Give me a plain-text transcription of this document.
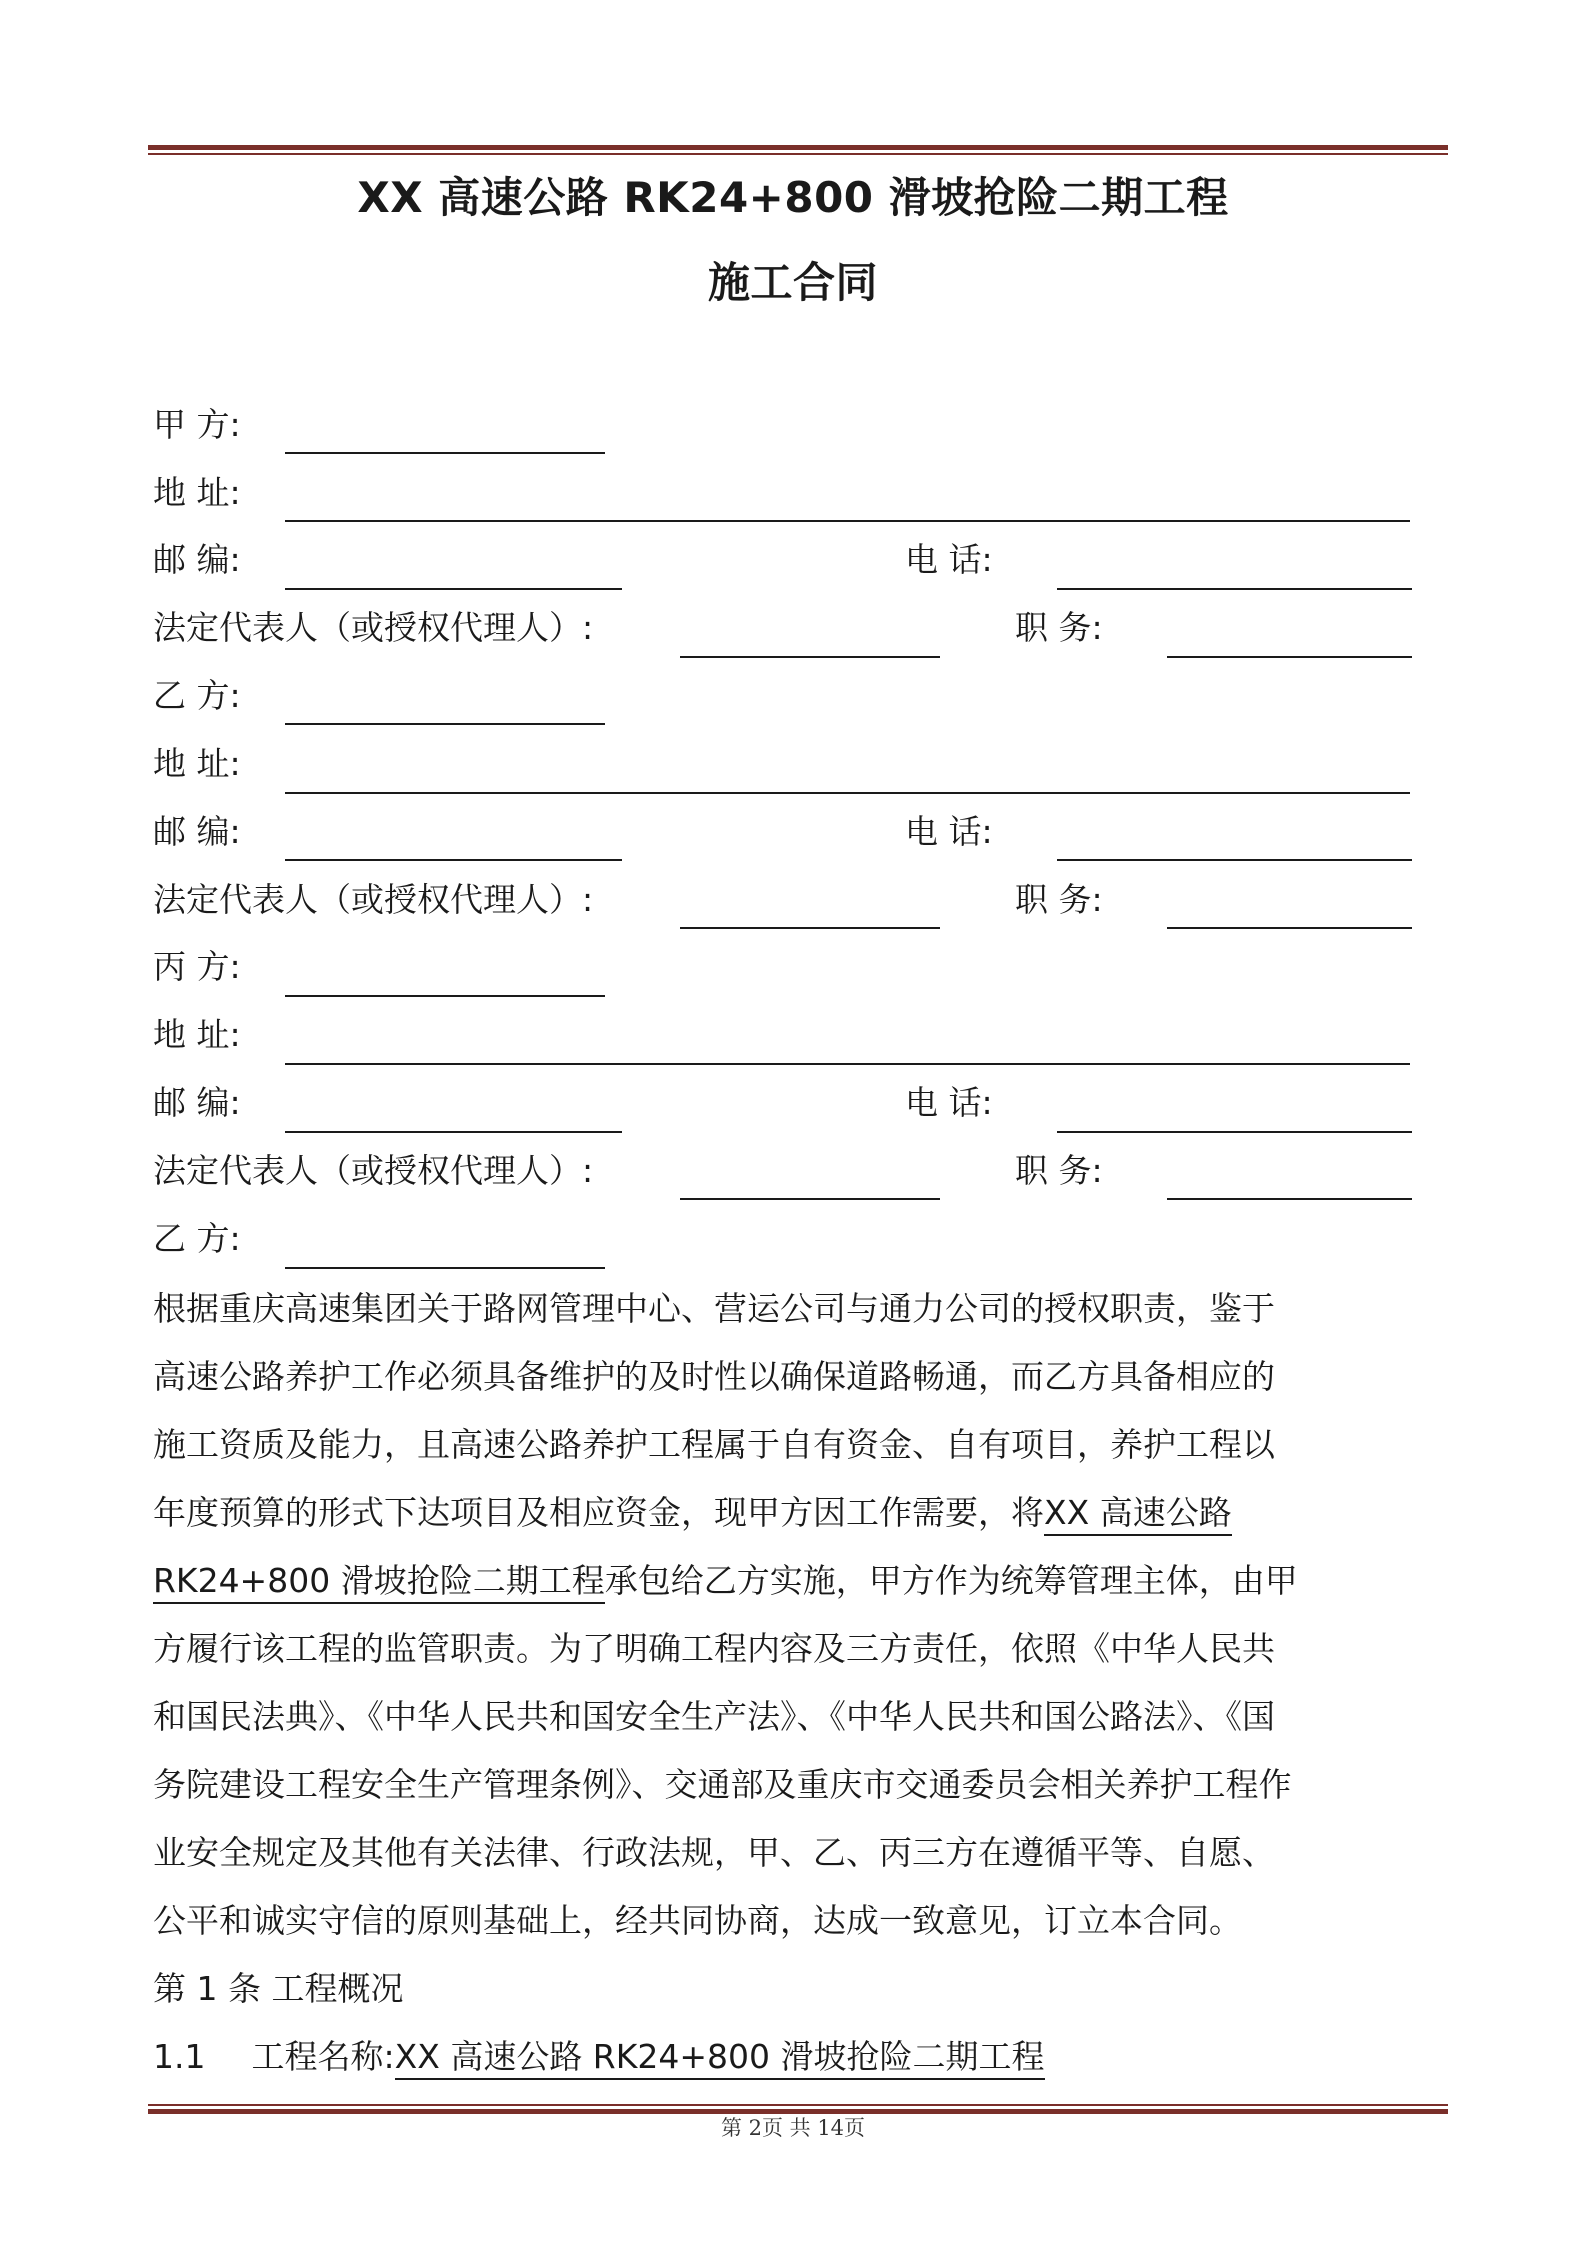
XX 高速公路 RK24+800 滑坡抢险二期工程
施工合同
甲 方:
地 址:
邮 编:	电 话:
法定代表人（或授权代理人）:	职 务:
乙 方:
地 址:
邮 编:	电 话:
法定代表人（或授权代理人）:	职 务:
丙 方:
地 址:
邮 编:	电 话:
法定代表人（或授权代理人）:	职 务:
乙 方:
根据重庆高速集团关于路网管理中心、营运公司与通力公司的授权职责，鉴于
高速公路养护工作必须具备维护的及时性以确保道路畅通，而乙方具备相应的
施工资质及能力，且高速公路养护工程属于自有资金、自有项目，养护工程以
年度预算的形式下达项目及相应资金，现甲方因工作需要，将XX 高速公路
RK24+800 滑坡抢险二期工程承包给乙方实施，甲方作为统筹管理主体，由甲
方履行该工程的监管职责。为了明确工程内容及三方责任，依照《中华人民共
和国民法典》、《中华人民共和国安全生产法》、《中华人民共和国公路法》、《国
务院建设工程安全生产管理条例》、交通部及重庆市交通委员会相关养护工程作
业安全规定及其他有关法律、行政法规，甲、乙、丙三方在遵循平等、自愿、
公平和诚实守信的原则基础上，经共同协商，达成一致意见，订立本合同。
第 1 条 工程概况
1.1 工程名称:XX 高速公路 RK24+800 滑坡抢险二期工程
第 2页 共 14页
